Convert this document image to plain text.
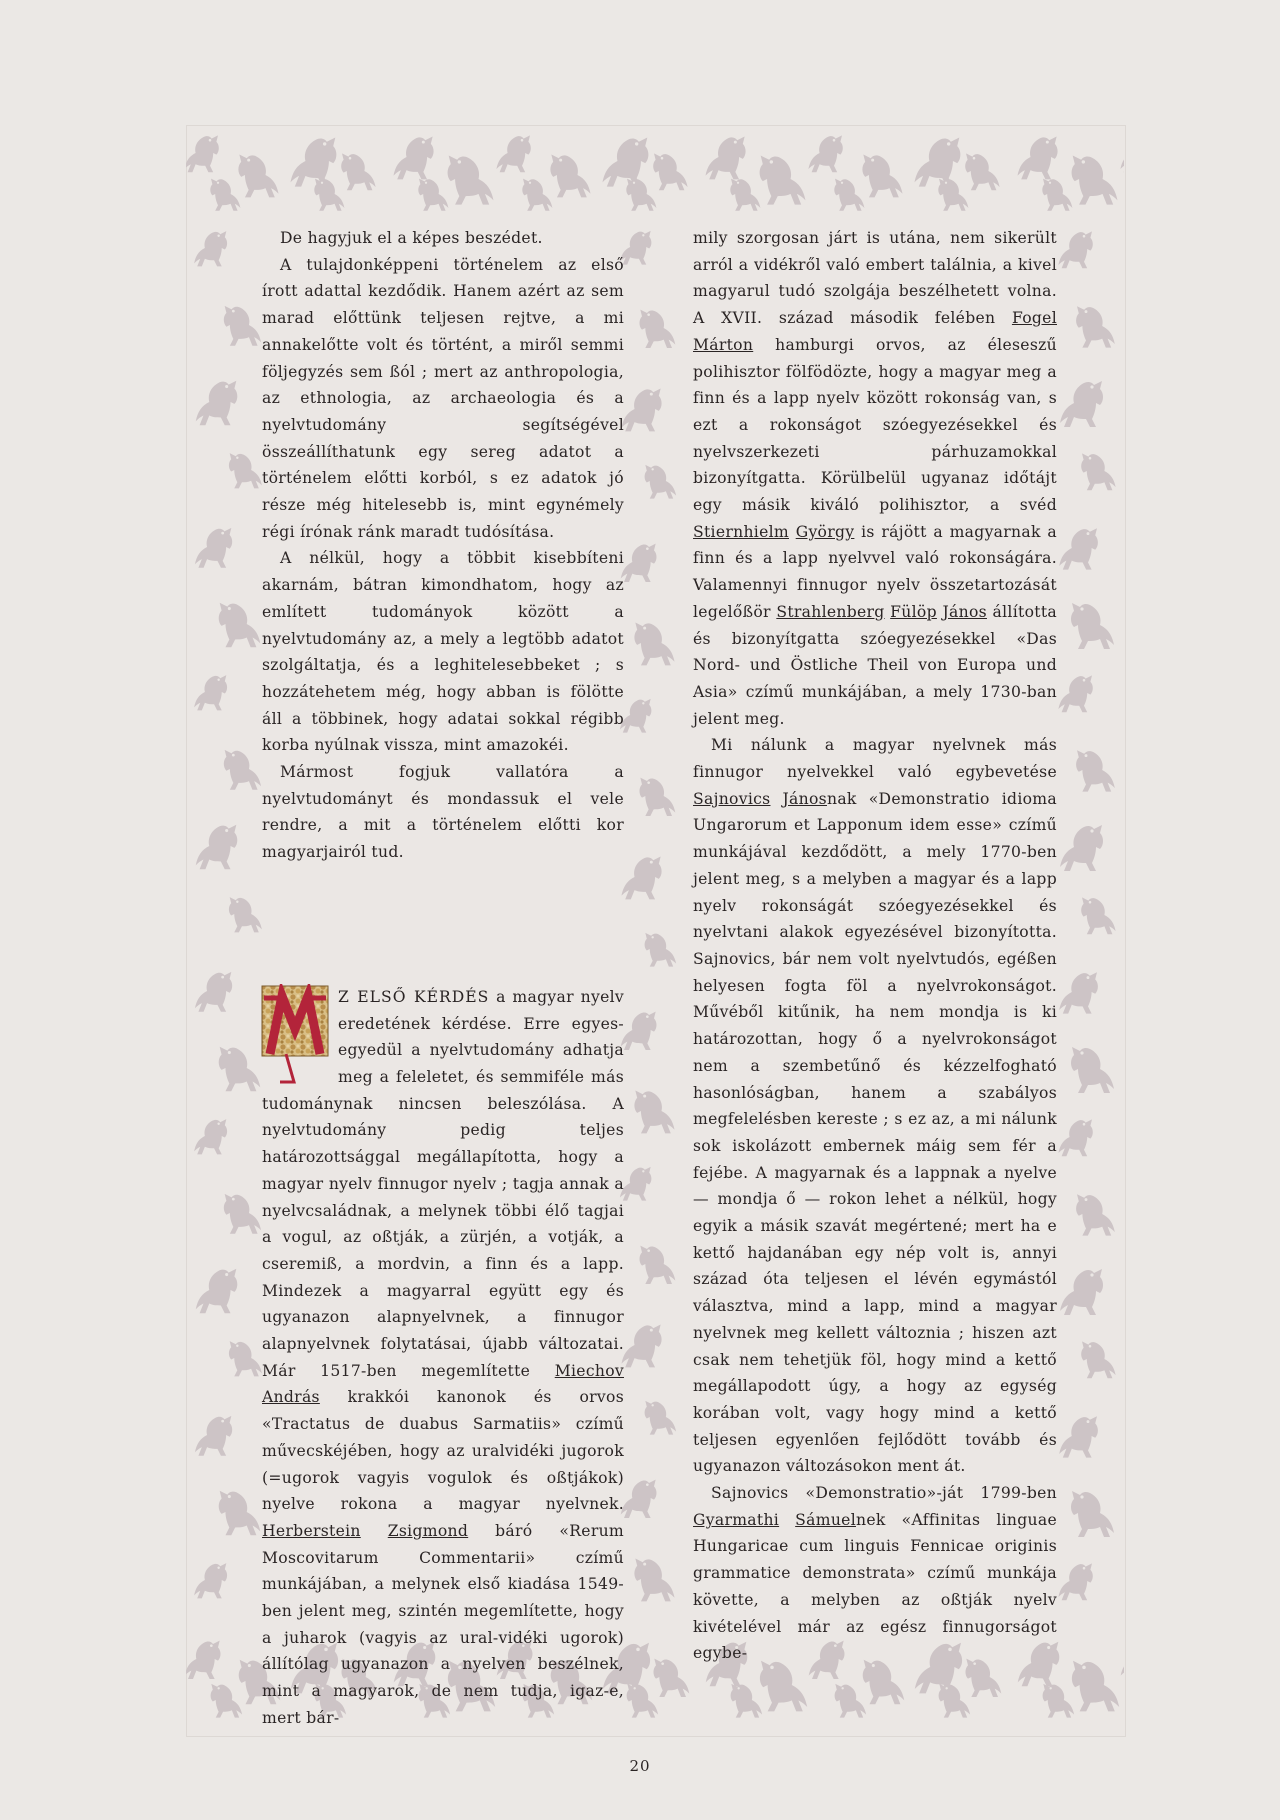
De hagyjuk el a képes beszédet.

A tulajdonképpeni történelem az első írott adattal kezdődik. Hanem azért az sem marad előttünk teljesen rejtve, a mi annakelőtte volt és történt, a miről semmi följegyzés sem ßól ; mert az anthropologia, az ethnologia, az archaeologia és a nyelvtudomány segítségével összeállíthatunk egy sereg adatot a történelem előtti korból, s ez adatok jó része még hitelesebb is, mint egynémely régi írónak ránk maradt tudósítása.

A nélkül, hogy a többit kisebbíteni akarnám, bátran kimondhatom, hogy az említett tudományok között a nyelvtudomány az, a mely a legtöbb adatot szolgáltatja, és a leghitelesebbeket ; s hozzátehetem még, hogy abban is fölötte áll a többinek, hogy adatai sokkal régibb korba nyúlnak vissza, mint amazokéi.

Mármost fogjuk vallatóra a nyelvtudományt és mondassuk el vele rendre, a mit a történelem előtti kor magyarjairól tud.

Z ELSŐ KÉRDÉS a magyar nyelv eredetének kérdése. Erre egyes-egyedül a nyelvtudomány adhatja meg a feleletet, és semmiféle más tudománynak nincsen beleszólása. A nyelvtudomány pedig teljes határozottsággal megállapította, hogy a magyar nyelv finnugor nyelv ; tagja annak a nyelvcsaládnak, a melynek többi élő tagjai a vogul, az oßtják, a zürjén, a votják, a cseremiß, a mordvin, a finn és a lapp. Mindezek a magyarral együtt egy és ugyanazon alapnyelvnek, a finnugor alapnyelvnek folytatásai, újabb változatai. Már 1517-ben megemlítette Miechov András krakkói kanonok és orvos «Tractatus de duabus Sarmatiis» czímű művecskéjében, hogy az uralvidéki jugorok (=ugorok vagyis vogulok és oßtjákok) nyelve rokona a magyar nyelvnek. Herberstein Zsigmond báró «Rerum Moscovitarum Commentarii» czímű munkájában, a melynek első kiadása 1549-ben jelent meg, szintén megemlítette, hogy a juharok (vagyis az ural-vidéki ugorok) állítólag ugyanazon a nyelven beszélnek, mint a magyarok, de nem tudja, igaz-e, mert bár-

mily szorgosan járt is utána, nem sikerült arról a vidékről való embert találnia, a kivel magyarul tudó szolgája beszélhetett volna. A XVII. század második felében Fogel Márton hamburgi orvos, az éleseszű polihisztor fölfödözte, hogy a magyar meg a finn és a lapp nyelv között rokonság van, s ezt a rokonságot szóegyezésekkel és nyelvszerkezeti párhuzamokkal bizonyítgatta. Körülbelül ugyanaz időtájt egy másik kiváló polihisztor, a svéd Stiernhielm György is rájött a magyarnak a finn és a lapp nyelvvel való rokonságára. Valamennyi finnugor nyelv összetartozását legelőßör Strahlenberg Fülöp János állította és bizonyítgatta szóegyezésekkel «Das Nord- und Östliche Theil von Europa und Asia» czímű munkájában, a mely 1730-ban jelent meg.

Mi nálunk a magyar nyelvnek más finnugor nyelvekkel való egybevetése Sajnovics Jánosnak «Demonstratio idioma Ungarorum et Lapponum idem esse» czímű munkájával kezdődött, a mely 1770-ben jelent meg, s a melyben a magyar és a lapp nyelv rokonságát szóegyezésekkel és nyelvtani alakok egyezésével bizonyította. Sajnovics, bár nem volt nyelvtudós, egéßen helyesen fogta föl a nyelvrokonságot. Művéből kitűnik, ha nem mondja is ki határozottan, hogy ő a nyelvrokonságot nem a szembetűnő és kézzelfogható hasonlóságban, hanem a szabályos megfelelésben kereste ; s ez az, a mi nálunk sok iskolázott embernek máig sem fér a fejébe. A magyarnak és a lappnak a nyelve — mondja ő — rokon lehet a nélkül, hogy egyik a másik szavát megértené; mert ha e kettő hajdanában egy nép volt is, annyi század óta teljesen el lévén egymástól választva, mind a lapp, mind a magyar nyelvnek meg kellett változnia ; hiszen azt csak nem tehetjük föl, hogy mind a kettő megállapodott úgy, a hogy az egység korában volt, vagy hogy mind a kettő teljesen egyenlően fejlődött tovább és ugyanazon változásokon ment át.

Sajnovics «Demonstratio»-ját 1799-ben Gyarmathi Sámuelnek «Affinitas linguae Hungaricae cum linguis Fennicae originis grammatice demonstrata» czímű munkája követte, a melyben az oßtják nyelv kivételével már az egész finnugorságot egybe-

20
